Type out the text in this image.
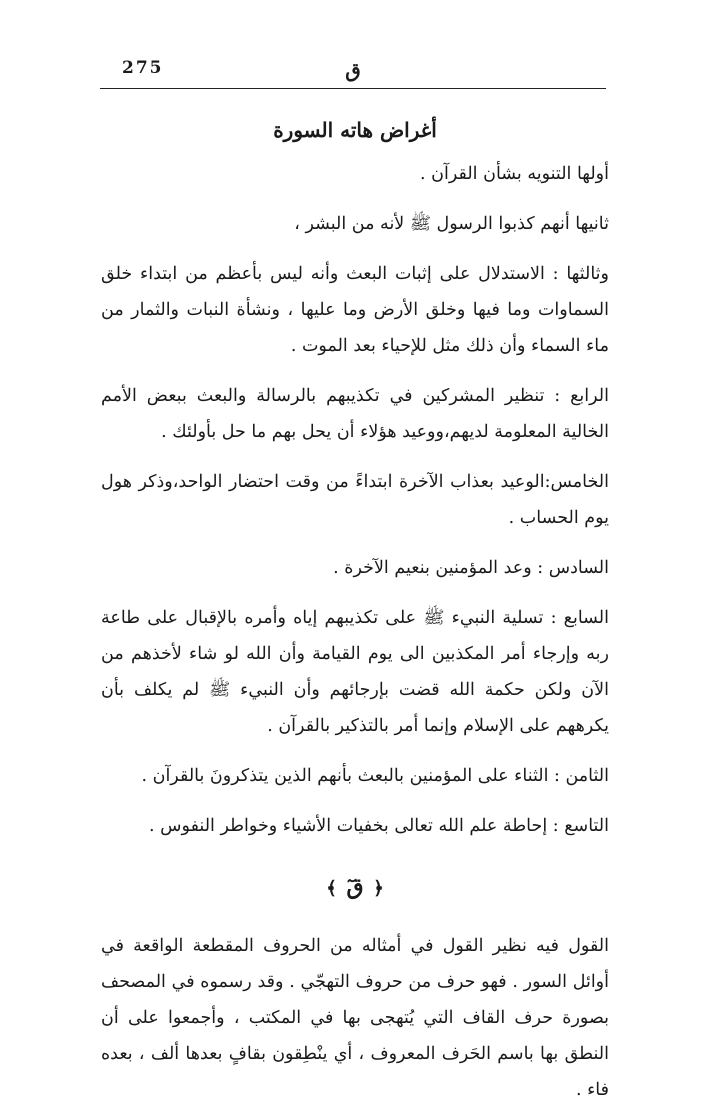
275	ق
أغراض هاته السورة

أولها التنويه بشأن القرآن .

ثانيها أنهم كذبوا الرسول ﷺ لأنه من البشر ،

وثالثها : الاستدلال على إثبات البعث وأنه ليس بأعظم من ابتداء خلق السماوات وما فيها وخلق الأرض وما عليها ، ونشأة النبات والثمار من ماء السماء وأن ذلك مثل للإحياء بعد الموت .

الرابع : تنظير المشركين في تكذيبهم بالرسالة والبعث ببعض الأمم الخالية المعلومة لديهم،ووعيد هؤلاء أن يحل بهم ما حل بأولئك .

الخامس:الوعيد بعذاب الآخرة ابتداءً من وقت احتضار الواحد،وذكر هول يوم الحساب .

السادس : وعد المؤمنين بنعيم الآخرة .

السابع : تسلية النبيء ﷺ على تكذيبهم إياه وأمره بالإقبال على طاعة ربه وإرجاء أمر المكذبين الى يوم القيامة وأن الله لو شاء لأخذهم من الآن ولكن حكمة الله قضت بإرجائهم وأن النبيء ﷺ لم يكلف بأن يكرههم على الإسلام وإنما أمر بالتذكير بالقرآن .

الثامن : الثناء على المؤمنين بالبعث بأنهم الذين يتذكرونَ بالقرآن .

التاسع : إحاطة علم الله تعالى بخفيات الأشياء وخواطر النفوس .

﴿ قٓ ﴾

القول فيه نظير القول في أمثاله من الحروف المقطعة الواقعة في أوائل السور . فهو حرف من حروف التهجّي . وقد رسموه في المصحف بصورة حرف القاف التي يُتهجى بها في المكتب ، وأجمعوا على أن النطق بها باسم الحَرف المعروف ، أي ينْطِقون بقافٍ بعدها ألف ، بعده فاء .
